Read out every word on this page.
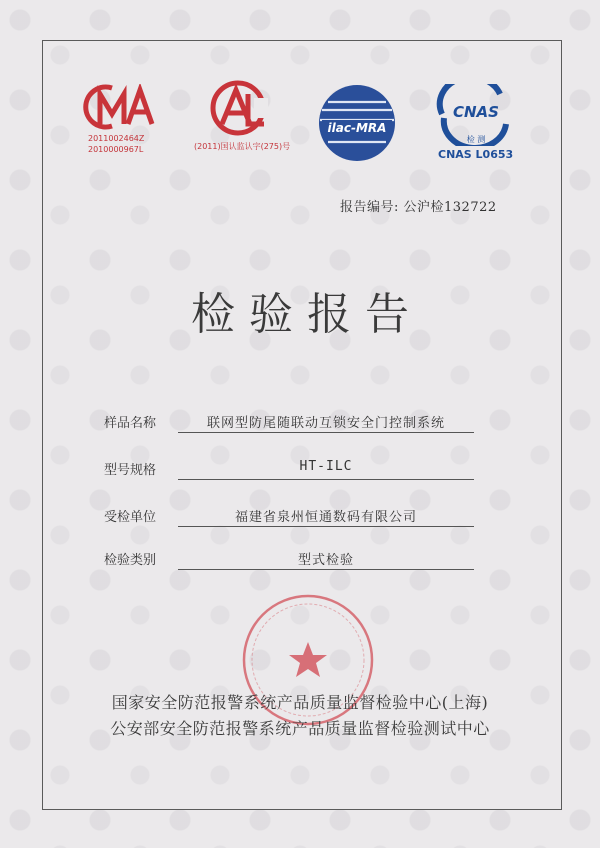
2011002464Z
2010000967L	(2011)国认监认字(275)号
ilac-MRA
CNAS
检 测
CNAS L0653
报告编号: 公沪检132722
检验报告
样品名称	联网型防尾随联动互锁安全门控制系统
型号规格	HT-ILC
受检单位	福建省泉州恒通数码有限公司
检验类别	型式检验
国家安全防范报警系统产品质量监督检验中心(上海)
公安部安全防范报警系统产品质量监督检验测试中心
